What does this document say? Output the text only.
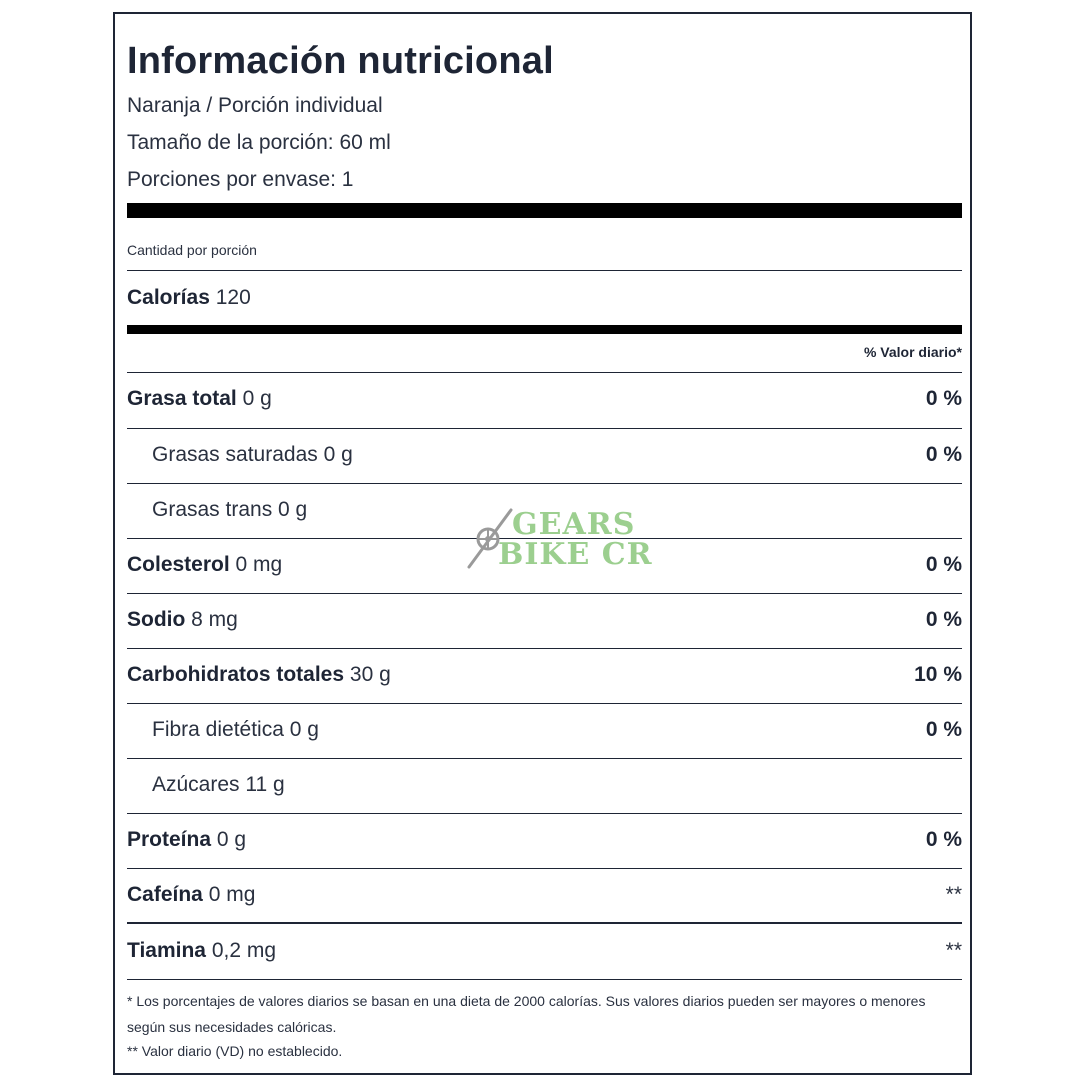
Información nutricional
Naranja / Porción individual
Tamaño de la porción: 60 ml
Porciones por envase: 1
Cantidad por porción
Calorías 120
% Valor diario*
Grasa total 0 g	0 %
Grasas saturadas 0 g	0 %
Grasas trans 0 g
Colesterol 0 mg	0 %
Sodio 8 mg	0 %
Carbohidratos totales 30 g	10 %
Fibra dietética 0 g	0 %
Azúcares 11 g
Proteína 0 g	0 %
Cafeína 0 mg	**
Tiamina 0,2 mg	**
* Los porcentajes de valores diarios se basan en una dieta de 2000 calorías. Sus valores diarios pueden ser mayores o menores según sus necesidades calóricas.
** Valor diario (VD) no establecido.
GEARS
BIKE CR
